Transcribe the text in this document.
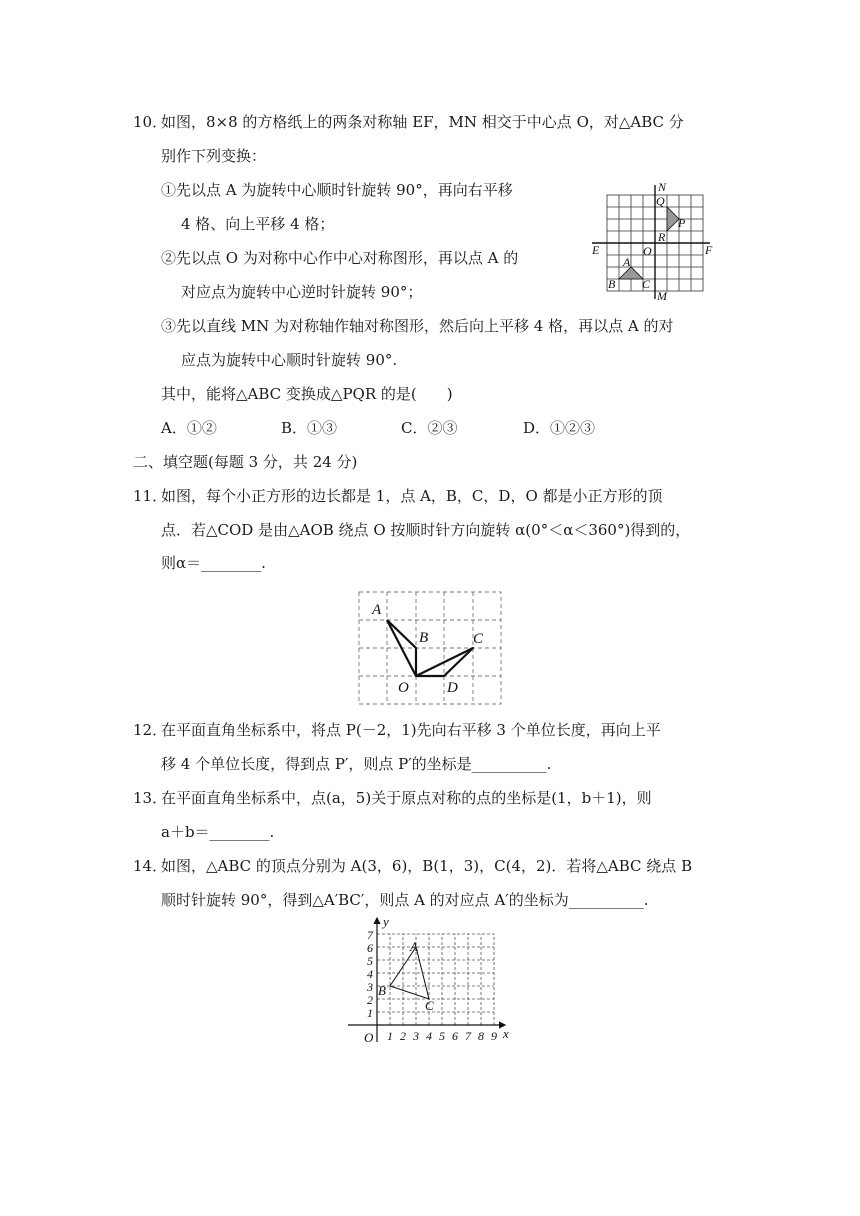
10．
如图，8×8 的方格纸上的两条对称轴 EF，MN 相交于中心点 O，对△ABC 分
别作下列变换：
①先以点 A 为旋转中心顺时针旋转 90°，再向右平移
4 格、向上平移 4 格；
②先以点 O 为对称中心作中心对称图形，再以点 A 的
对应点为旋转中心逆时针旋转 90°；
③先以直线 MN 为对称轴作轴对称图形，然后向上平移 4 格，再以点 A 的对
应点为旋转中心顺时针旋转 90°.
其中，能将△ABC 变换成△PQR 的是(　　)
A．①②	B．①③	C．②③	D．①②③
N
Q
P
R
E	O	F
A
B C
M
二、填空题(每题 3 分，共 24 分)
11．
如图，每个小正方形的边长都是 1，点 A，B，C，D，O 都是小正方形的顶
点．若△COD 是由△AOB 绕点 O 按顺时针方向旋转 α(0°＜α＜360°)得到的，
则α＝________.
A
B	C
O	D
12．
在平面直角坐标系中，将点 P(－2，1)先向右平移 3 个单位长度，再向上平
移 4 个单位长度，得到点 P′，则点 P′的坐标是__________.
13．
在平面直角坐标系中，点(a，5)关于原点对称的点的坐标是(1，b＋1)，则
a＋b＝________.
14．
如图，△ABC 的顶点分别为 A(3，6)，B(1，3)，C(4，2)．若将△ABC 绕点 B
顺时针旋转 90°，得到△A′BC′，则点 A 的对应点 A′的坐标为__________.
y
x
O
A
B
C
1 2 3 4 5 6 7 8 9
1
2
3
4
5
6
7
